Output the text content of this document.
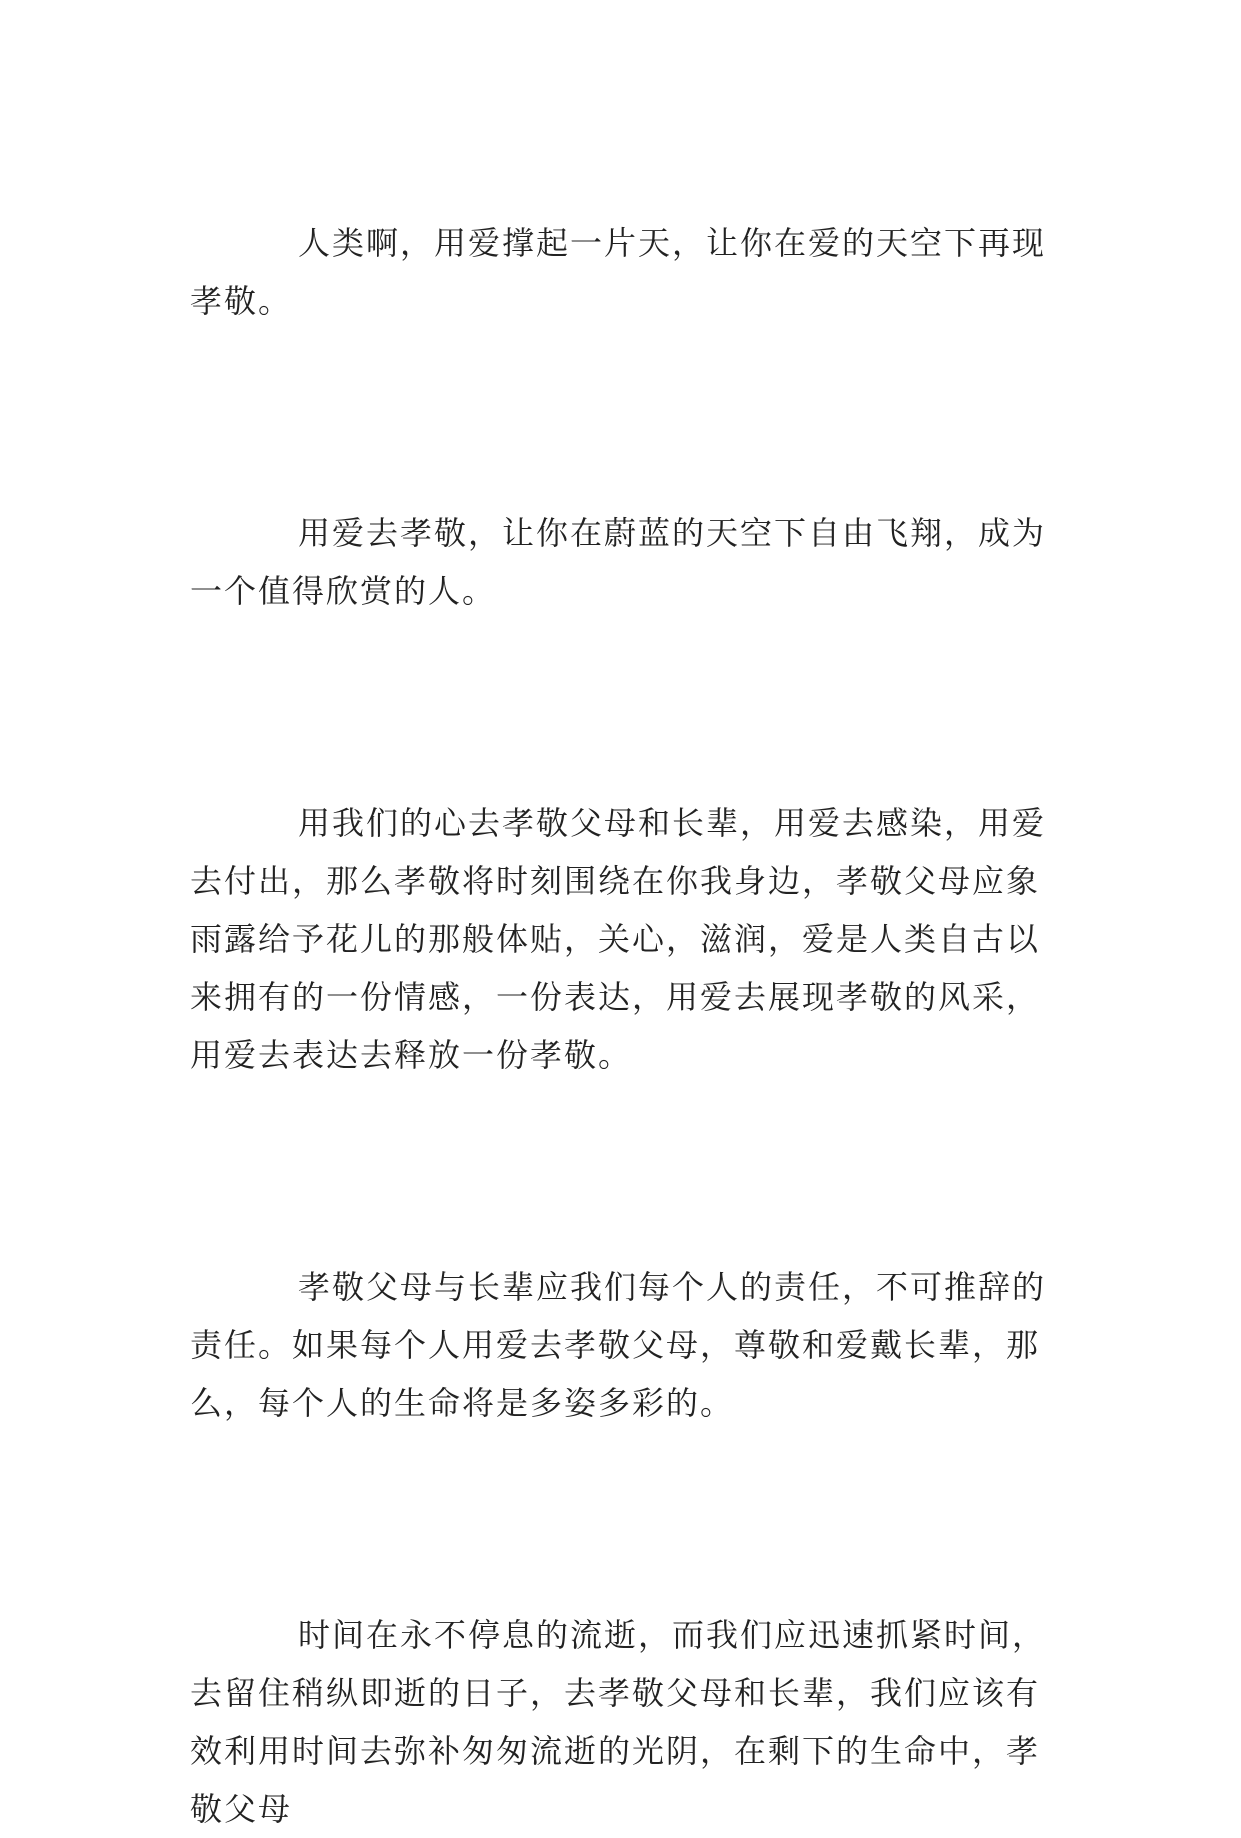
人类啊，用爱撑起一片天，让你在爱的天空下再现孝敬。

用爱去孝敬，让你在蔚蓝的天空下自由飞翔，成为一个值得欣赏的人。

用我们的心去孝敬父母和长辈，用爱去感染，用爱去付出，那么孝敬将时刻围绕在你我身边，孝敬父母应象雨露给予花儿的那般体贴，关心，滋润，爱是人类自古以来拥有的一份情感，一份表达，用爱去展现孝敬的风采，用爱去表达去释放一份孝敬。

孝敬父母与长辈应我们每个人的责任，不可推辞的责任。如果每个人用爱去孝敬父母，尊敬和爱戴长辈，那么，每个人的生命将是多姿多彩的。

时间在永不停息的流逝，而我们应迅速抓紧时间，去留住稍纵即逝的日子，去孝敬父母和长辈，我们应该有效利用时间去弥补匆匆流逝的光阴，在剩下的生命中，孝敬父母
